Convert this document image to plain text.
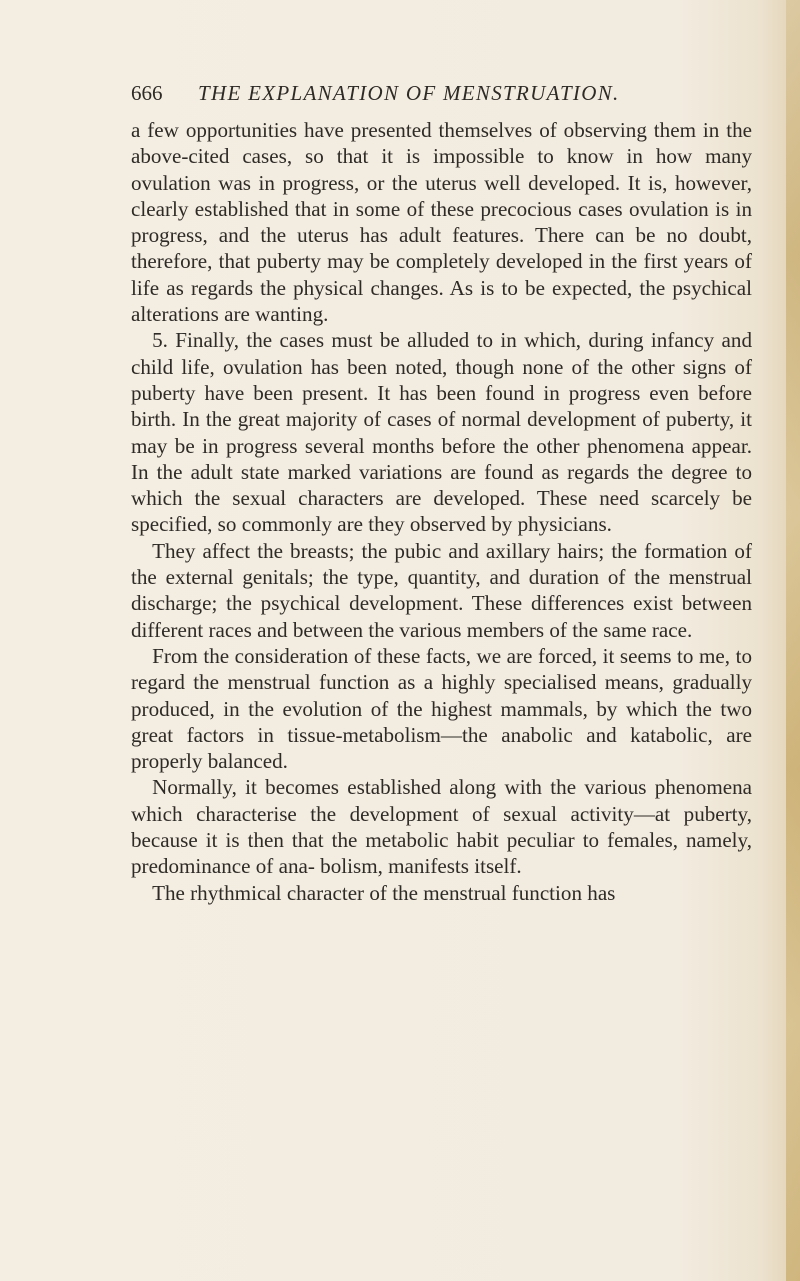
666 THE EXPLANATION OF MENSTRUATION.

a few opportunities have presented themselves of observing them in the above-cited cases, so that it is impossible to know in how many ovulation was in progress, or the uterus well developed. It is, however, clearly established that in some of these precocious cases ovulation is in progress, and the uterus has adult features. There can be no doubt, therefore, that puberty may be completely developed in the first years of life as regards the physical changes. As is to be expected, the psychical alterations are wanting.

5. Finally, the cases must be alluded to in which, during infancy and child life, ovulation has been noted, though none of the other signs of puberty have been present. It has been found in progress even before birth. In the great majority of cases of normal development of puberty, it may be in progress several months before the other phenomena appear. In the adult state marked variations are found as regards the degree to which the sexual characters are developed. These need scarcely be specified, so commonly are they observed by physicians.

They affect the breasts; the pubic and axillary hairs; the formation of the external genitals; the type, quantity, and duration of the menstrual discharge; the psychical development. These differences exist between different races and between the various members of the same race.

From the consideration of these facts, we are forced, it seems to me, to regard the menstrual function as a highly specialised means, gradually produced, in the evolution of the highest mammals, by which the two great factors in tissue-metabolism—the anabolic and katabolic, are properly balanced.

Normally, it becomes established along with the various phenomena which characterise the development of sexual activity—at puberty, because it is then that the metabolic habit peculiar to females, namely, predominance of ana- bolism, manifests itself.

The rhythmical character of the menstrual function has
